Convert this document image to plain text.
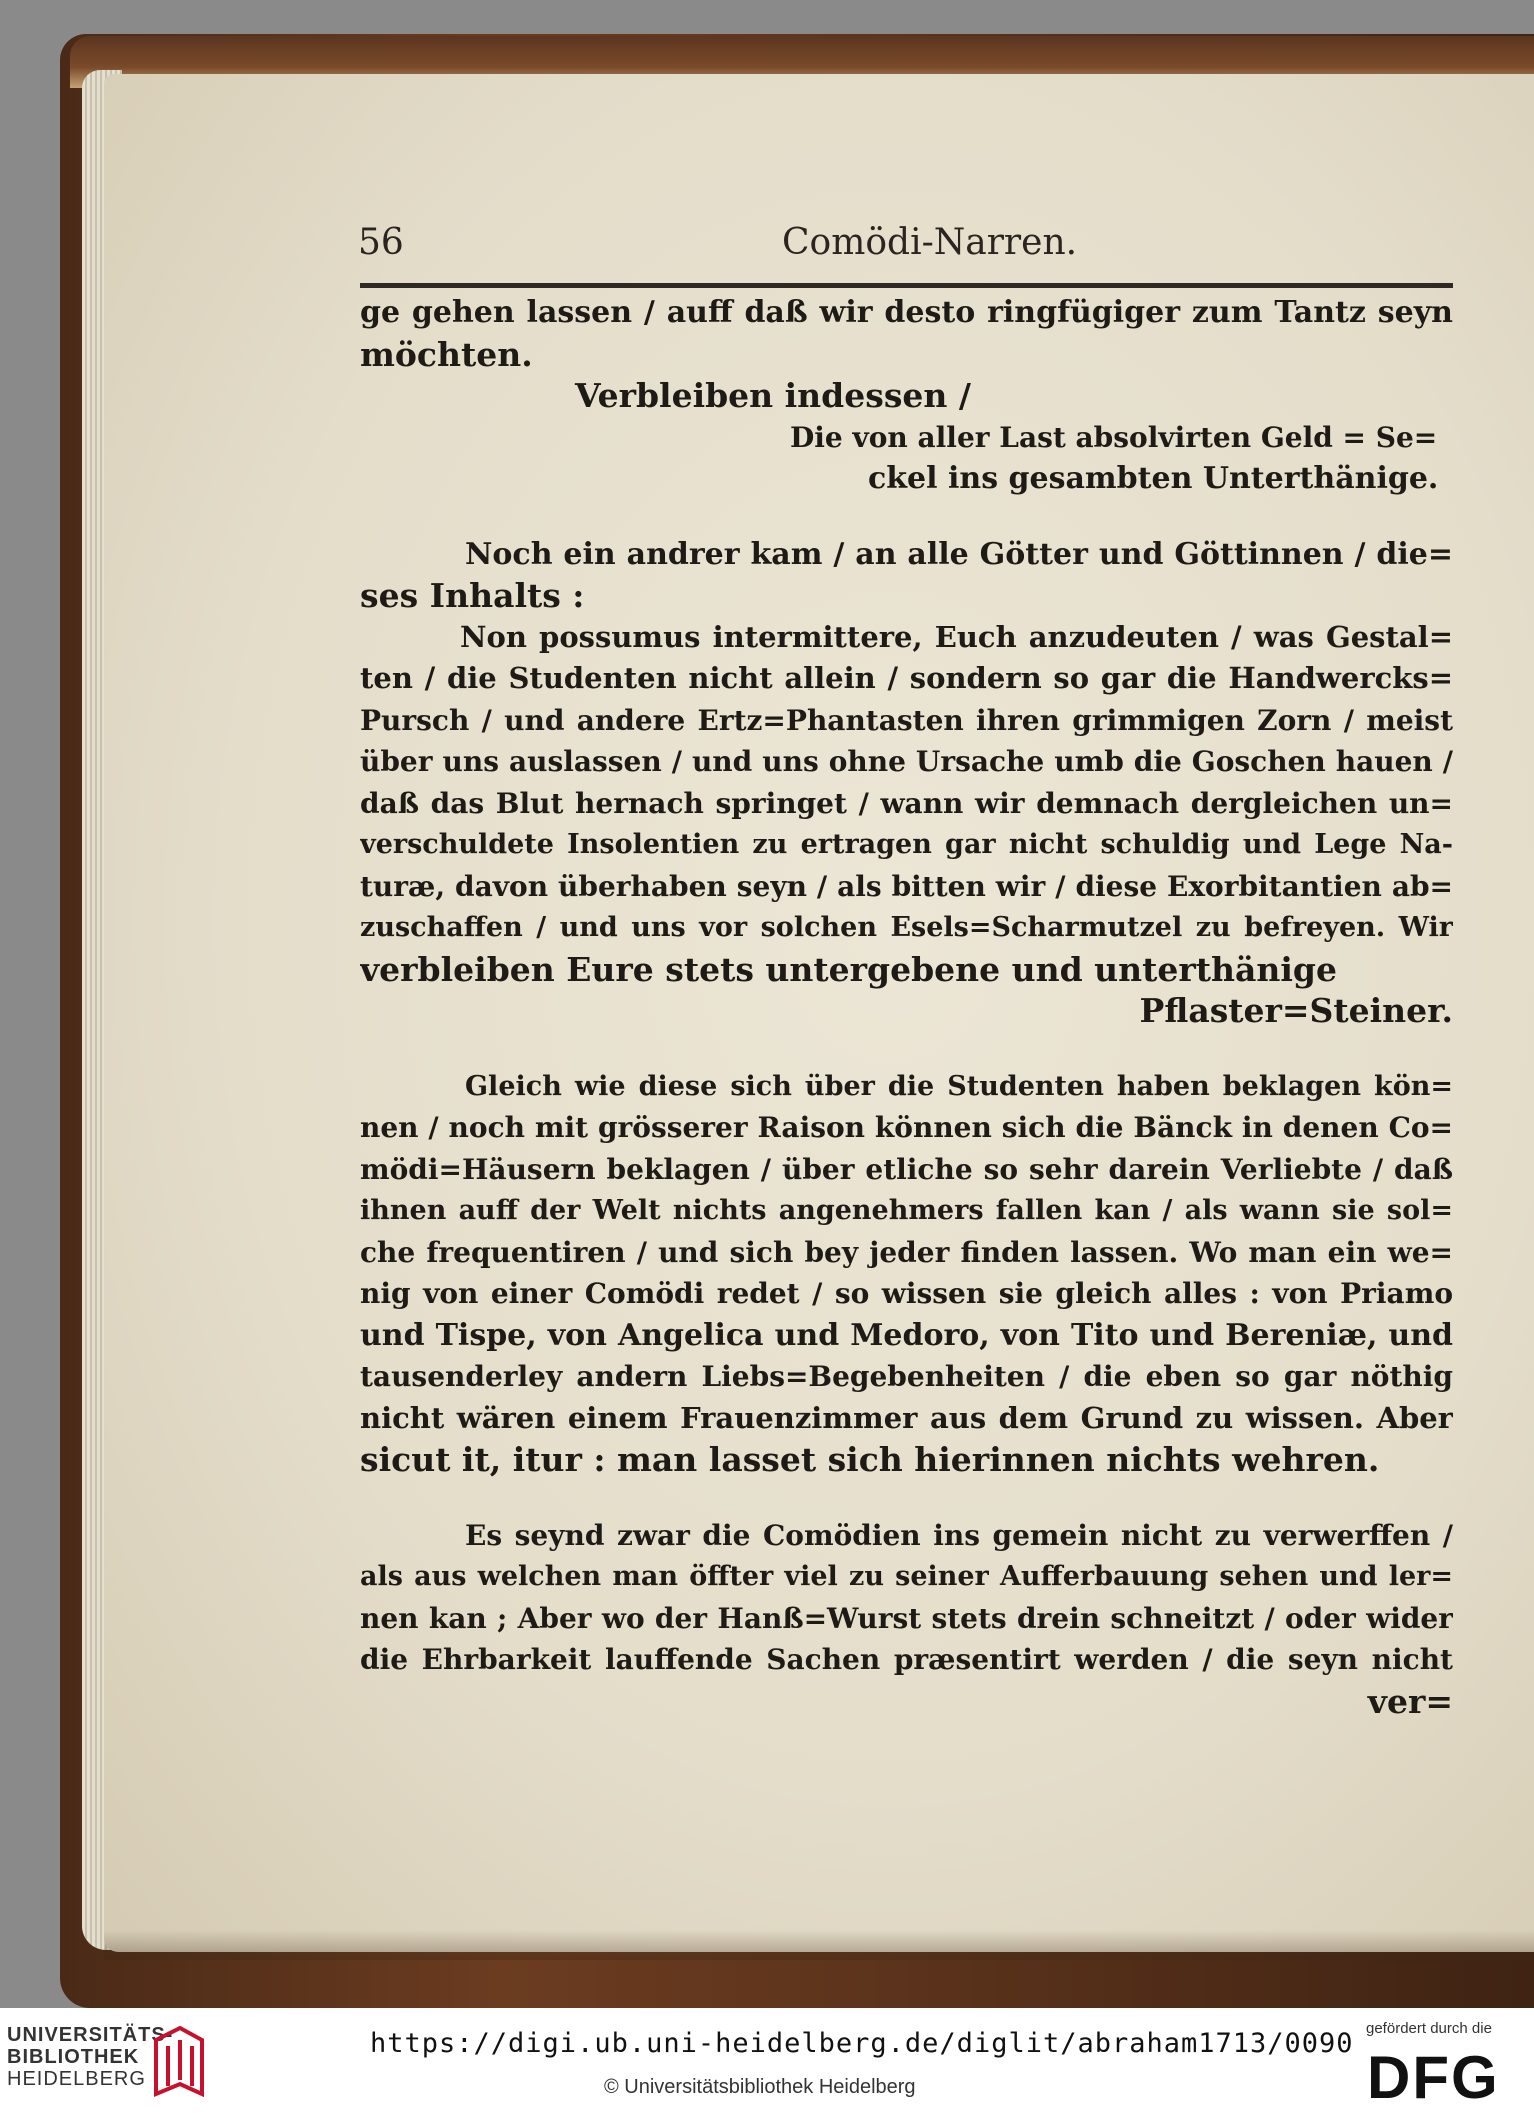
56	Comödi-Narren.
ge gehen lassen / auff daß wir desto ringfügiger zum Tantz seyn
möchten.
Verbleiben indessen /
Die von aller Last absolvirten Geld = Se=
ckel ins gesambten Unterthänige.
Noch ein andrer kam / an alle Götter und Göttinnen / die=
ses Inhalts :
Non possumus intermittere, Euch anzudeuten / was Gestal=
ten / die Studenten nicht allein / sondern so gar die Handwercks=
Pursch / und andere Ertz=Phantasten ihren grimmigen Zorn / meist
über uns auslassen / und uns ohne Ursache umb die Goschen hauen /
daß das Blut hernach springet / wann wir demnach dergleichen un=
verschuldete Insolentien zu ertragen gar nicht schuldig und Lege Na-
turæ, davon überhaben seyn / als bitten wir / diese Exorbitantien ab=
zuschaffen / und uns vor solchen Esels=Scharmutzel zu befreyen. Wir
verbleiben Eure stets untergebene und unterthänige
Pflaster=Steiner.
Gleich wie diese sich über die Studenten haben beklagen kön=
nen / noch mit grösserer Raison können sich die Bänck in denen Co=
mödi=Häusern beklagen / über etliche so sehr darein Verliebte / daß
ihnen auff der Welt nichts angenehmers fallen kan / als wann sie sol=
che frequentiren / und sich bey jeder finden lassen. Wo man ein we=
nig von einer Comödi redet / so wissen sie gleich alles : von Priamo
und Tispe, von Angelica und Medoro, von Tito und Bereniæ, und
tausenderley andern Liebs=Begebenheiten / die eben so gar nöthig
nicht wären einem Frauenzimmer aus dem Grund zu wissen. Aber
sicut it, itur : man lasset sich hierinnen nichts wehren.
Es seynd zwar die Comödien ins gemein nicht zu verwerffen /
als aus welchen man öffter viel zu seiner Aufferbauung sehen und ler=
nen kan ; Aber wo der Hanß=Wurst stets drein schneitzt / oder wider
die Ehrbarkeit lauffende Sachen præsentirt werden / die seyn nicht
ver=
UNIVERSITÄTS-
BIBLIOTHEK
HEIDELBERG
https://digi.ub.uni-heidelberg.de/diglit/abraham1713/0090
© Universitätsbibliothek Heidelberg
gefördert durch die
DFG
